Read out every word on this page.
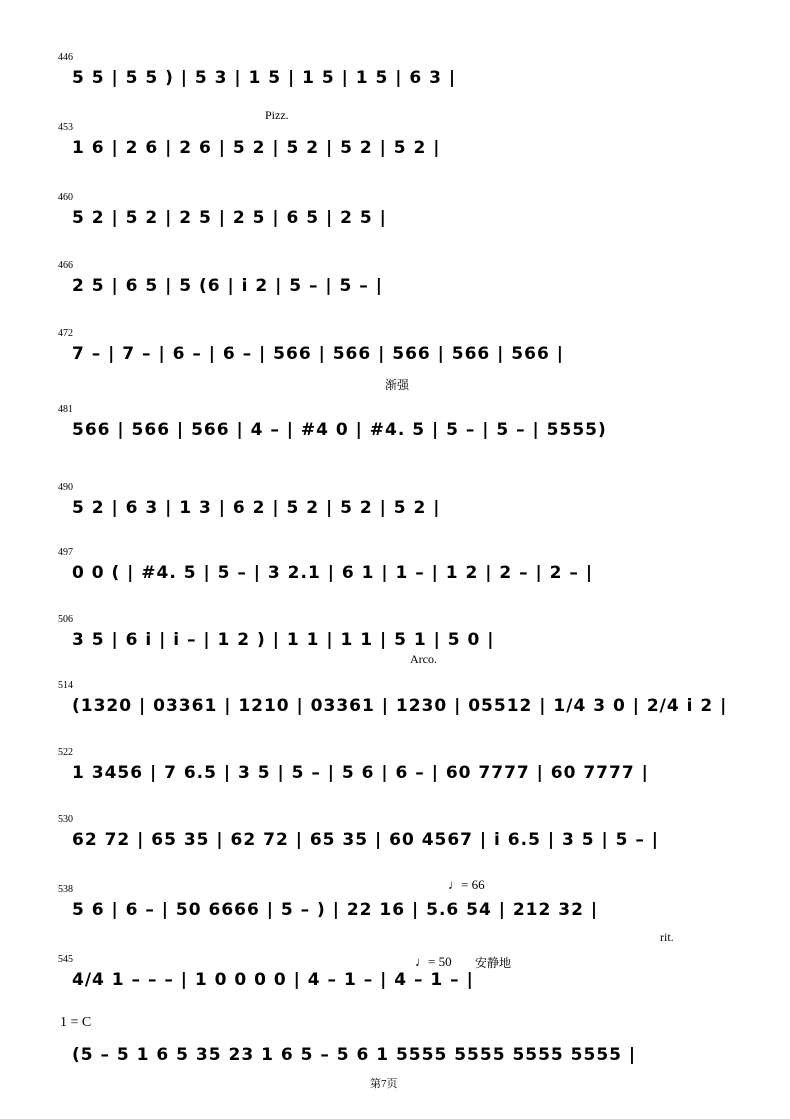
446
5 5 | 5 5 ) | 5 3 | 1 5 | 1 5 | 1 5 | 6 3 |
Pizz.
453
1 6 | 2 6 | 2 6 | 5 2 | 5 2 | 5 2 | 5 2 |
460
5 2 | 5 2 | 2 5 | 2 5 | 6 5 | 2 5 |
466
2 5 | 6 5 | 5 (6 | i 2 | 5 – | 5 – |
472
7 – | 7 – | 6 – | 6 – | 566 | 566 | 566 | 566 | 566 |
渐强
481
566 | 566 | 566 | 4 – | #4 0 | #4. 5 | 5 – | 5 – | 5555)
490
5 2 | 6 3 | 1 3 | 6 2 | 5 2 | 5 2 | 5 2 |
497
0 0 ( | #4. 5 | 5 – | 3 2.1 | 6 1 | 1 – | 1 2 | 2 – | 2 – |
506
3 5 | 6 i | i – | 1 2 ) | 1 1 | 1 1 | 5 1 | 5 0 |
Arco.
514
(1320 | 03361 | 1210 | 03361 | 1230 | 05512 | 1/4 3 0 | 2/4 i 2 |
522
1 3456 | 7 6.5 | 3 5 | 5 – | 5 6 | 6 – | 60 7777 | 60 7777 |
530
62 72 | 65 35 | 62 72 | 65 35 | 60 4567 | i 6.5 | 3 5 | 5 – |
538
5 6 | 6 – | 50 6666 | 5 – ) | 22 16 | 5.6 54 | 212 32 |
rit.
♩= 66
545
4/4 1 – – – | 1 0 0 0 0 | 4 – 1 – | 4 – 1 – |
安静地
♩= 50
1 = C
(5 – 5 1 6 5 35 23 1 6 5 – 5 6 1 5555 5555 5555 5555 |
第7页
